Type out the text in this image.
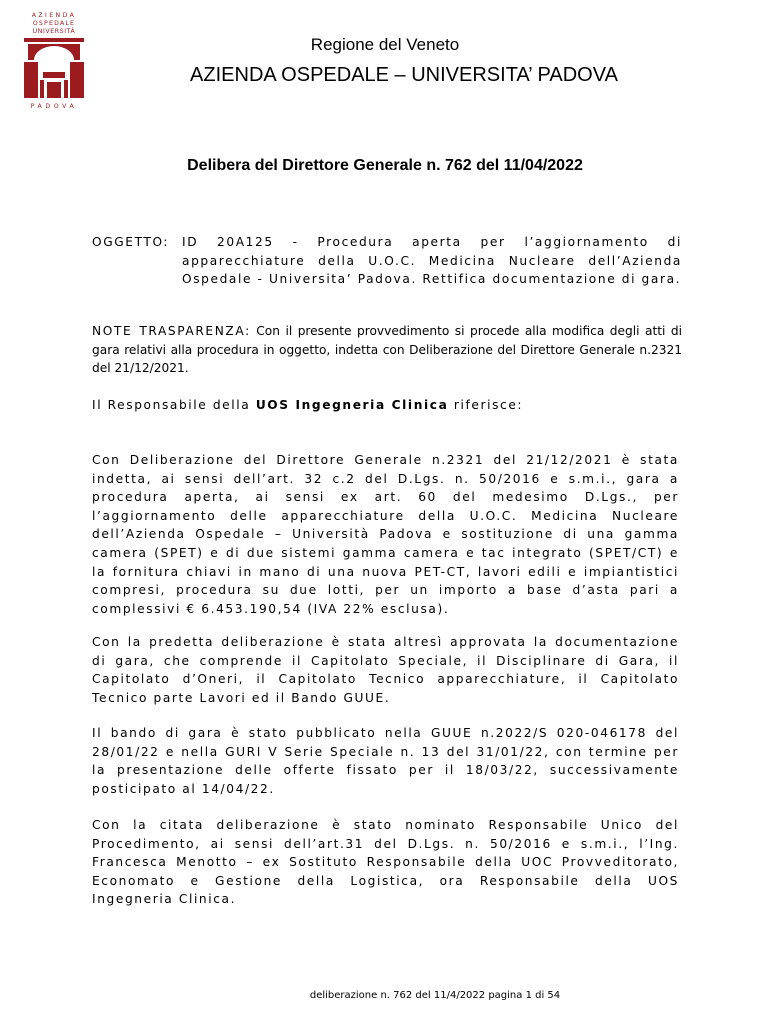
AZIENDA
OSPEDALE
UNIVERSITÀ
PADOVA
Regione del Veneto
AZIENDA OSPEDALE – UNIVERSITA’ PADOVA
Delibera del Direttore Generale n. 762 del 11/04/2022
OGGETTO: ID 20A125 - Procedura aperta per l’aggiornamento di apparecchiature della U.O.C. Medicina Nucleare dell’Azienda Ospedale - Universita’ Padova. Rettifica documentazione di gara.
NOTE TRASPARENZA: Con il presente provvedimento si procede alla modifica degli atti di gara relativi alla procedura in oggetto, indetta con Deliberazione del Direttore Generale n.2321 del 21/12/2021.
Il Responsabile della UOS Ingegneria Clinica riferisce:
Con Deliberazione del Direttore Generale n.2321 del 21/12/2021 è stata indetta, ai sensi dell’art. 32 c.2 del D.Lgs. n. 50/2016 e s.m.i., gara a procedura aperta, ai sensi ex art. 60 del medesimo D.Lgs., per l’aggiornamento delle apparecchiature della U.O.C. Medicina Nucleare dell’Azienda Ospedale – Università Padova e sostituzione di una gamma camera (SPET) e di due sistemi gamma camera e tac integrato (SPET/CT) e la fornitura chiavi in mano di una nuova PET-CT, lavori edili e impiantistici compresi, procedura su due lotti, per un importo a base d’asta pari a complessivi € 6.453.190,54 (IVA 22% esclusa).
Con la predetta deliberazione è stata altresì approvata la documentazione di gara, che comprende il Capitolato Speciale, il Disciplinare di Gara, il Capitolato d’Oneri, il Capitolato Tecnico apparecchiature, il Capitolato Tecnico parte Lavori ed il Bando GUUE.
Il bando di gara è stato pubblicato nella GUUE n.2022/S 020-046178 del 28/01/22 e nella GURI V Serie Speciale n. 13 del 31/01/22, con termine per la presentazione delle offerte fissato per il 18/03/22, successivamente posticipato al 14/04/22.
Con la citata deliberazione è stato nominato Responsabile Unico del Procedimento, ai sensi dell’art.31 del D.Lgs. n. 50/2016 e s.m.i., l’Ing. Francesca Menotto – ex Sostituto Responsabile della UOC Provveditorato, Economato e Gestione della Logistica, ora Responsabile della UOS Ingegneria Clinica.
deliberazione n. 762 del 11/4/2022 pagina 1 di 54
